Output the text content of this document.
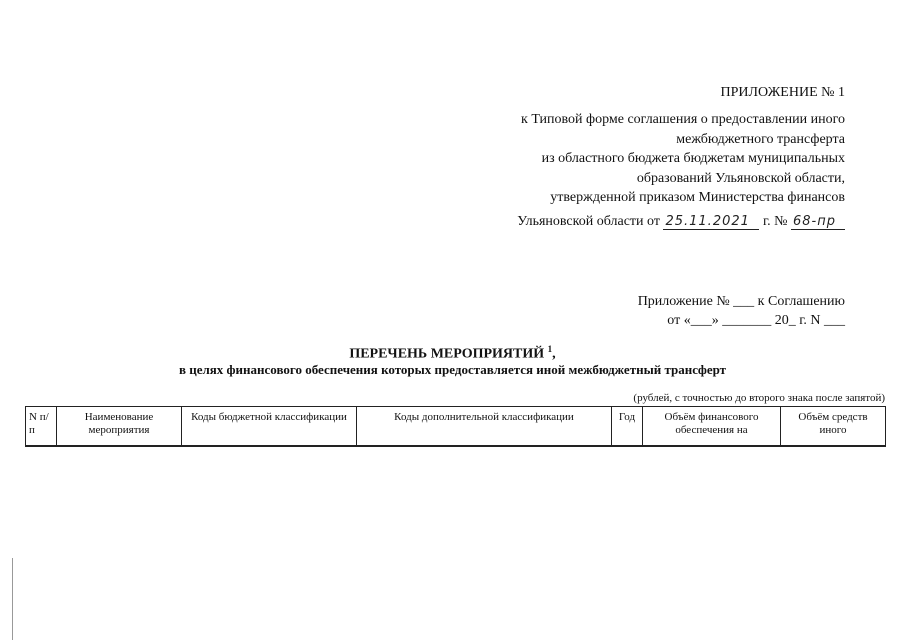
ПРИЛОЖЕНИЕ № 1
к Типовой форме соглашения о предоставлении иного
межбюджетного трансферта
из областного бюджета бюджетам муниципальных
образований Ульяновской области,
утвержденной приказом Министерства финансов
Ульяновской области от 25.11.2021 г. № 68-пр
Приложение № ___ к Соглашению
от «___» _______ 20_ г. N ___
ПЕРЕЧЕНЬ МЕРОПРИЯТИЙ $^1$,
в целях финансового обеспечения которых предоставляется иной межбюджетный трансферт
(рублей, с точностью до второго знака после запятой)
N п/п	Наименование мероприятия	Коды бюджетной классификации	Коды дополнительной классификации	Год	Объём финансового обеспечения на	Объём средств иного
